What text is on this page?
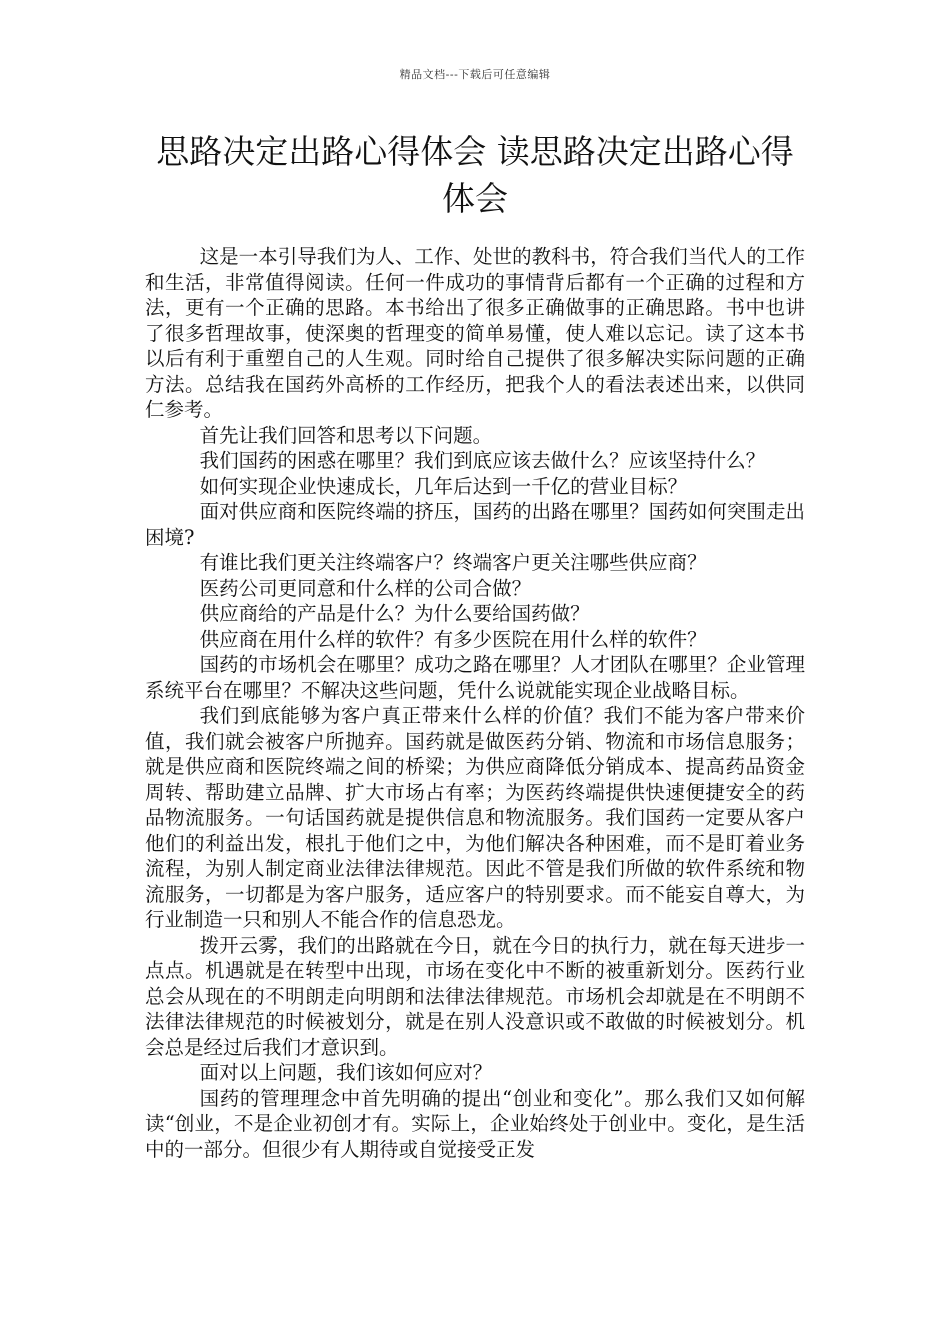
精品文档---下载后可任意编辑
思路决定出路心得体会 读思路决定出路心得体会

这是一本引导我们为人、工作、处世的教科书，符合我们当代人的工作和生活，非常值得阅读。任何一件成功的事情背后都有一个正确的过程和方法，更有一个正确的思路。本书给出了很多正确做事的正确思路。书中也讲了很多哲理故事，使深奥的哲理变的简单易懂，使人难以忘记。读了这本书以后有利于重塑自己的人生观。同时给自己提供了很多解决实际问题的正确方法。总结我在国药外高桥的工作经历，把我个人的看法表述出来，以供同仁参考。

首先让我们回答和思考以下问题。

我们国药的困惑在哪里？我们到底应该去做什么？应该坚持什么？

如何实现企业快速成长，几年后达到一千亿的营业目标？

面对供应商和医院终端的挤压，国药的出路在哪里？国药如何突围走出困境?

有谁比我们更关注终端客户？终端客户更关注哪些供应商？

医药公司更同意和什么样的公司合做？

供应商给的产品是什么？为什么要给国药做？

供应商在用什么样的软件？有多少医院在用什么样的软件？

国药的市场机会在哪里？成功之路在哪里？人才团队在哪里？企业管理系统平台在哪里？不解决这些问题，凭什么说就能实现企业战略目标。

我们到底能够为客户真正带来什么样的价值？我们不能为客户带来价值，我们就会被客户所抛弃。国药就是做医药分销、物流和市场信息服务；就是供应商和医院终端之间的桥梁；为供应商降低分销成本、提高药品资金周转、帮助建立品牌、扩大市场占有率；为医药终端提供快速便捷安全的药品物流服务。一句话国药就是提供信息和物流服务。我们国药一定要从客户他们的利益出发，根扎于他们之中，为他们解决各种困难，而不是盯着业务流程，为别人制定商业法律法律规范。因此不管是我们所做的软件系统和物流服务，一切都是为客户服务，适应客户的特别要求。而不能妄自尊大，为行业制造一只和别人不能合作的信息恐龙。

拨开云雾，我们的出路就在今日，就在今日的执行力，就在每天进步一点点。机遇就是在转型中出现，市场在变化中不断的被重新划分。医药行业总会从现在的不明朗走向明朗和法律法律规范。市场机会却就是在不明朗不法律法律规范的时候被划分，就是在别人没意识或不敢做的时候被划分。机会总是经过后我们才意识到。

面对以上问题，我们该如何应对？

国药的管理理念中首先明确的提出“创业和变化”。那么我们又如何解读“创业，不是企业初创才有。实际上，企业始终处于创业中。变化，是生活中的一部分。但很少有人期待或自觉接受正发
